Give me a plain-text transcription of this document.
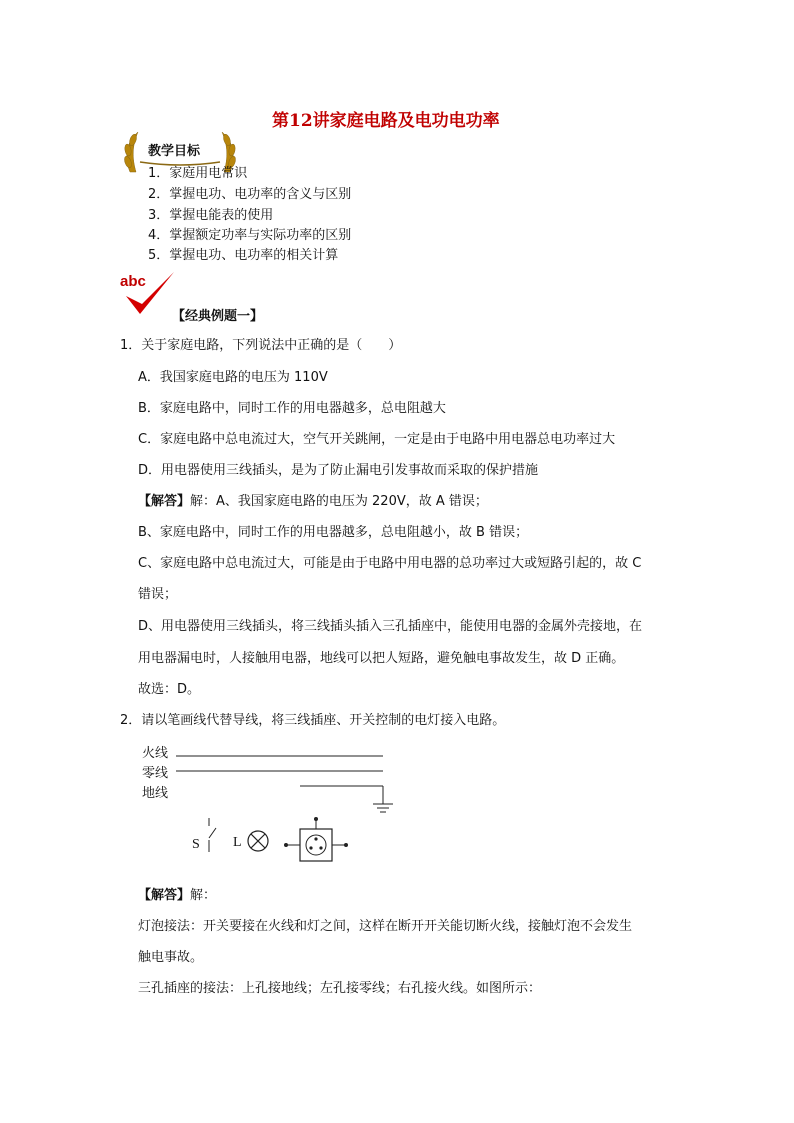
第12讲家庭电路及电功电功率
教学目标
1．家庭用电常识
2．掌握电功、电功率的含义与区别
3．掌握电能表的使用
4．掌握额定功率与实际功率的区别
5．掌握电功、电功率的相关计算
abc
【经典例题一】
1．关于家庭电路，下列说法中正确的是（　　）
A．我国家庭电路的电压为 110V
B．家庭电路中，同时工作的用电器越多，总电阻越大
C．家庭电路中总电流过大，空气开关跳闸，一定是由于电路中用电器总电功率过大
D．用电器使用三线插头，是为了防止漏电引发事故而采取的保护措施
【解答】解：A、我国家庭电路的电压为 220V，故 A 错误；
B、家庭电路中，同时工作的用电器越多，总电阻越小，故 B 错误；
C、家庭电路中总电流过大，可能是由于电路中用电器的总功率过大或短路引起的，故 C
错误；
D、用电器使用三线插头，将三线插头插入三孔插座中，能使用电器的金属外壳接地，在
用电器漏电时，人接触用电器，地线可以把人短路，避免触电事故发生，故 D 正确。
故选：D。
2．请以笔画线代替导线，将三线插座、开关控制的电灯接入电路。
火线
零线
地线
S L
【解答】解：
灯泡接法：开关要接在火线和灯之间，这样在断开开关能切断火线，接触灯泡不会发生
触电事故。
三孔插座的接法：上孔接地线；左孔接零线；右孔接火线。如图所示：
